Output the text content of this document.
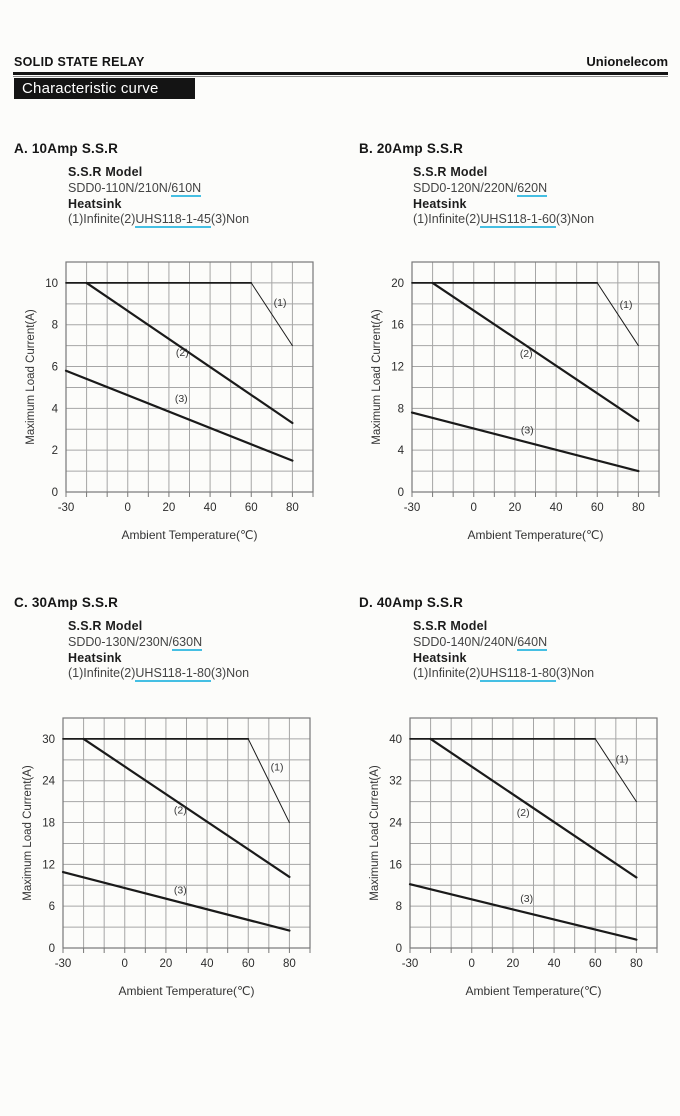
SOLID STATE RELAY	Unionelecom
Characteristic curve
A. 10Amp S.S.R
S.S.R Model
SDD0-110N/210N/610N
Heatsink
(1)Infinite(2)UHS118-1-45(3)Non
B. 20Amp S.S.R
S.S.R Model
SDD0-120N/220N/620N
Heatsink
(1)Infinite(2)UHS118-1-60(3)Non
C. 30Amp S.S.R
S.S.R Model
SDD0-130N/230N/630N
Heatsink
(1)Infinite(2)UHS118-1-80(3)Non
D. 40Amp S.S.R
S.S.R Model
SDD0-140N/240N/640N
Heatsink
(1)Infinite(2)UHS118-1-80(3)Non
-30	0	20 40 60 80
0
2
4
6
8
10
(1)
(2)
(3)
Ambient Temperature(℃)
Maximum Load Current(A)
-30	0	20 40 60 80
0
4
8
12
16
20
(1)
(2)
(3)
Ambient Temperature(℃)
Maximum Load Current(A)
-30	0	20 40 60 80
0
6
12
18
24
30
(1)
(2)
(3)
Ambient Temperature(℃)
Maximum Load Current(A)
-30	0	20 40 60 80
0
8
16
24
32
40
(1)
(2)
(3)
Ambient Temperature(℃)
Maximum Load Current(A)
